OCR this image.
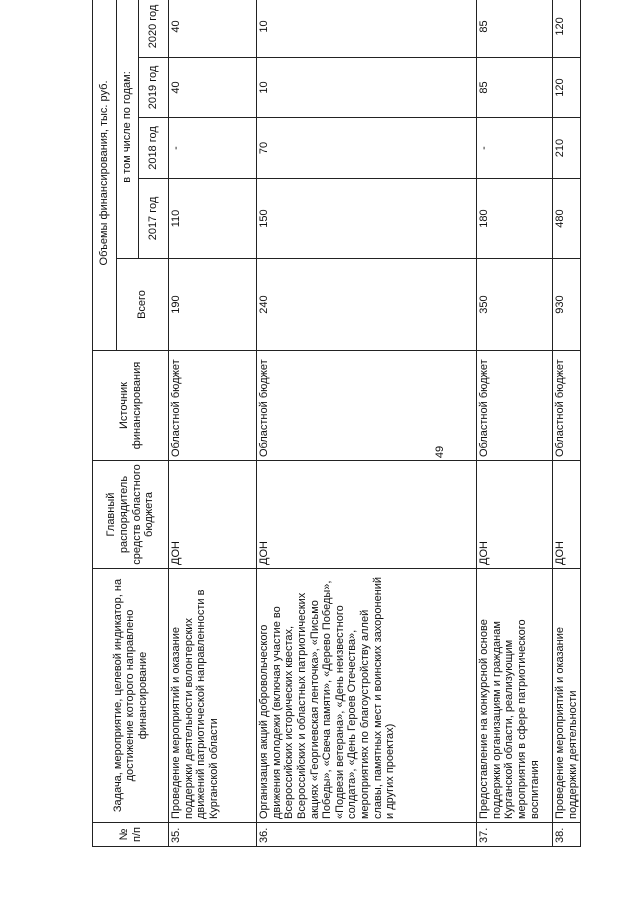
49
№ п/п	Задача, мероприятие, целевой индикатор, на достижение которого направлено финансирование	Главный распорядитель средств областного бюджета	Источник финансирования	Объемы финансирования, тыс. руб.				
				Всего	в том числе по годам:			
					2017 год	2018 год	2019 год	2020 год
35.	Проведение мероприятий и оказание поддержки деятельности волонтерских движений патриотической направленности в Курганской области	ДОН	Областной бюджет	190	110	-	40	40
36.	Организация акций добровольческого движения молодежи (включая участие во Всероссийских исторических квестах, Всероссийских и областных патриотических акциях «Георгиевская ленточка», «Письмо Победы», «Свеча памяти», «Дерево Победы», «Подвези ветерана», «День неизвестного солдата», «День Героев Отечества», мероприятиях по благоустройству аллей славы, памятных мест и воинских захоронений и других проектах)	ДОН	Областной бюджет	240	150	70	10	10
37.	Предоставление на конкурсной основе поддержки организациям и гражданам Курганской области, реализующим мероприятия в сфере патриотического воспитания	ДОН	Областной бюджет	350	180	-	85	85
38.	Проведение мероприятий и оказание поддержки деятельности	ДОН	Областной бюджет	930	480	210	120	120
